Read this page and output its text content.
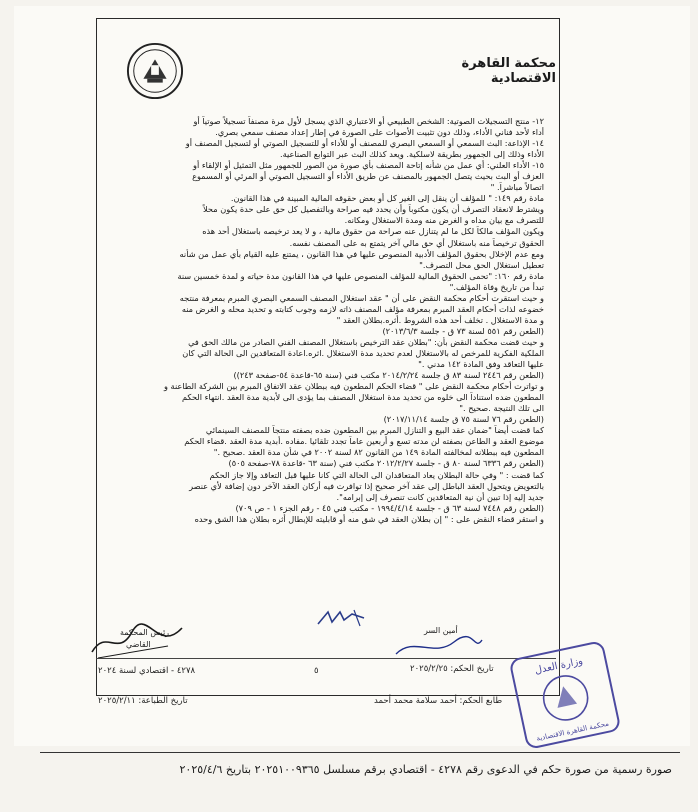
محكمة القاهرة الاقتصادية
١٢- منتج التسجيلات الصوتية: الشخص الطبيعي أو الاعتباري الذي يسجل لأول مرة مصنفاً تسجيلاً صوتياً أو
أداء لأحد فناني الأداء، وذلك دون تثبيت الأصوات على الصورة في إطار إعداد مصنف سمعي بصري.
١٤- الإذاعة: البث السمعي أو السمعي البصري للمصنف أو للأداء أو للتسجيل الصوتي أو لتسجيل المصنف أو
الأداء وذلك إلى الجمهور بطريقة لاسلكية. ويعد كذلك البث عبر التوابع الصناعية.
١٥- الأداء العلني: أي عمل من شأنه إتاحة المصنف بأي صورة من الصور للجمهور مثل التمثيل أو الإلقاء أو
العزف أو البث بحيث يتصل الجمهور بالمصنف عن طريق الأداء أو التسجيل الصوتي أو المرئي أو المسموع
اتصالاً مباشراً. "
مادة رقم ١٤٩: " للمؤلف أن ينقل إلى الغير كل أو بعض حقوقه المالية المبينة في هذا القانون.
ويشترط لانعقاد التصرف أن يكون مكتوباً وأن يحدد فيه صراحة وبالتفصيل كل حق على حدة يكون محلاً
للتصرف مع بيان مداه و الغرض منه ومدة الاستغلال ومكانه.
ويكون المؤلف مالكاً لكل ما لم يتنازل عنه صراحة من حقوق مالية ، و لا يعد ترخيصه باستغلال أحد هذه
الحقوق ترخيصاً منه باستغلال أي حق مالي آخر يتمتع به على المصنف نفسه.
ومع عدم الإخلال بحقوق المؤلف الأدبية المنصوص عليها في هذا القانون ، يمتنع عليه القيام بأي عمل من شأنه
تعطيل استغلال الحق محل التصرف."
مادة رقم ١٦٠: "تحمى الحقوق المالية للمؤلف المنصوص عليها في هذا القانون مدة حياته و لمدة خمسين سنة
تبدأ من تاريخ وفاة المؤلف."
و حيث استقرت أحكام محكمة النقض على أن " عقد استغلال المصنف السمعي البصري المبرم بمعرفة منتجه
خضوعه لذات أحكام العقد المبرم بمعرفة مؤلف المصنف ذاته لازمه وجوب كتابته و تحديد محله و الغرض منه
و مدة الاستغلال . تخلف أحد هذه الشروط .أثره.بطلان العقد "
(الطعن رقم ٥٥١ لسنة ٧٣ ق - جلسة ٢٠١٣/٦/٣)
و حيث قضت محكمة النقض بأن: "بطلان عقد الترخيص باستغلال المصنف الفني الصادر من مالك الحق في
الملكية الفكرية للمرخص له بالاستغلال لعدم تحديد مدة الاستغلال .اثره.اعادة المتعاقدين الى الحالة التي كان
عليها التعاقد وفق المادة ١٤٢ مدني ."
(الطعن رقم ٢٤٤٦ لسنة ٨٣ ق جلسة ٢٠١٤/٢/٢٤ مكتب فني (سنة ٦٥-قاعدة ٥٤-صفحة ٢٤٣))
و تواترت أحكام محكمة النقض على " قضاء الحكم المطعون فيه ببطلان عقد الاتفاق المبرم بين الشركة الطاعنة و
المطعون ضده استناداً الى خلوه من تحديد مدة استغلال المصنف بما يؤدى الى لأبدية مدة العقد .انتهاء الحكم
الى تلك النتيجة .صحيح ."
(الطعن رقم ٧٦ لسنة ٧٥ ق جلسة ٢٠١٧/١١/١٤)
كما قضت أيضاً "ضمان عقد البيع و التنازل المبرم بين المطعون ضده بصفته منتجاً للمصنف السينمائي
موضوع العقد و الطاعن بصفته لن مدته تسع و أربعين عاماً تجدد تلقائيا .مفاده .أبدية مدة العقد .قضاء الحكم
المطعون فيه ببطلانه لمخالفته المادة ١٤٩ من القانون ٨٢ لسنة ٢٠٠٢ في شأن مدة العقد .صحيح ."
(الطعن رقم ٦٣٣٦ لسنة ٨٠ ق - جلسة ٢٠١٢/٢/٢٧ مكتب فني (سنة ٦٣ -قاعدة ٧٨-صفحة ٥٠٥)
كما قضت : " وفي حالة البطلان يعاد المتعاقدان الى الحالة التي كانا عليها قبل التعاقد وإلا جاز الحكم
بالتعويض ويتحول العقد الباطل إلى عقد آخر صحيح إذا توافرت فيه أركان العقد الآخر دون إضافة لأي عنصر
جديد إليه إذا تبين أن نية المتعاقدين كانت تنصرف إلى إبرامه".
(الطعن رقم ٧٤٤٨ لسنة ٦٣ ق - جلسة ١٩٩٤/٤/١٤ - مكتب فني ٤٥ - رقم الجزء ١ - ص ٧٠٩)
و استقر قضاء النقض على : " إن بطلان العقد في شق منه أو قابليته للإبطال أثره بطلان هذا الشق وحده
أمين السر
رئيس المحكمة
القاضي
٤٢٧٨ - اقتصادي لسنة ٢٠٢٤	٥	تاريخ الحكم: ٢٠٢٥/٢/٢٥
تاريخ الطباعة: ٢٠٢٥/٢/١١	طابع الحكم: أحمد سلامة محمد أحمد
وزارة العدل
محكمة القاهرة الاقتصادية
صورة رسمية من صورة حكم في الدعوى رقم ٤٢٧٨ - اقتصادي برقم مسلسل ٢٠٢٥١٠٠٩٣٦٥ بتاريخ ٢٠٢٥/٤/٦
